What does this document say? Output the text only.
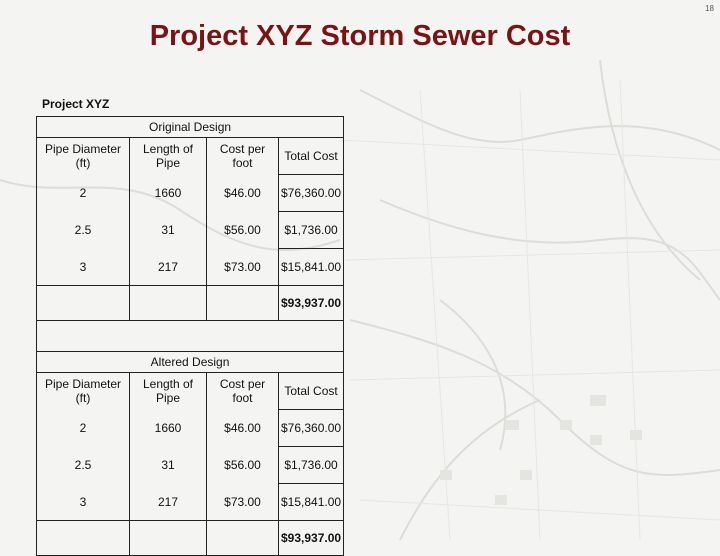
18
Project XYZ Storm Sewer Cost
Project XYZ
Original Design			
Pipe Diameter (ft)	Length of Pipe	Cost per foot	Total Cost
2	1660	$46.00	$76,360.00
2.5	31	$56.00	$1,736.00
3	217	$73.00	$15,841.00
			$93,937.00

Altered Design			
Pipe Diameter (ft)	Length of Pipe	Cost per foot	Total Cost
2	1660	$46.00	$76,360.00
2.5	31	$56.00	$1,736.00
3	217	$73.00	$15,841.00
			$93,937.00
